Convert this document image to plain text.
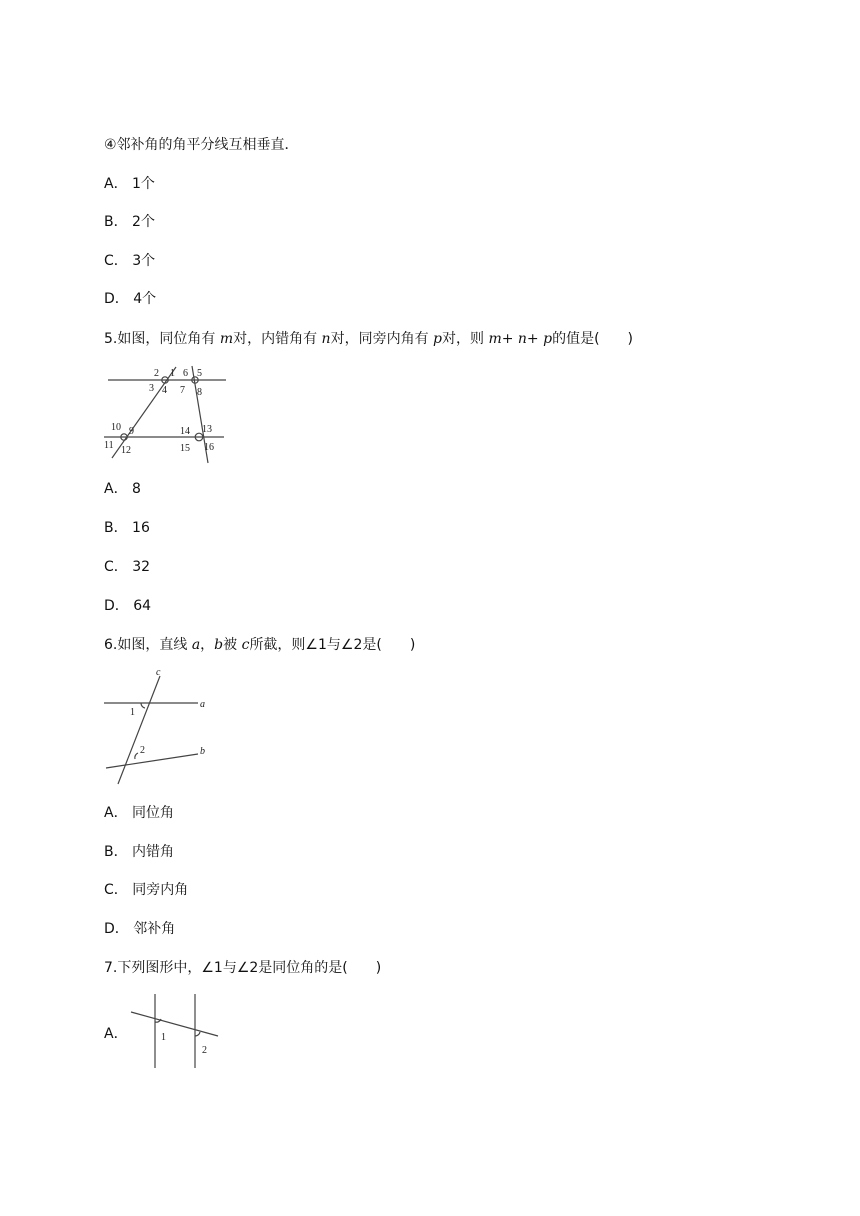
④邻补角的角平分线互相垂直．
A． 1个
B． 2个
C． 3个
D． 4个
5.如图，同位角有 m对，内错角有 n对，同旁内角有 p对，则 m+ n+ p的值是(　　)
2 1 6 5
3 4 7 8
10 9
11 12
14 13
15 16
A． 8
B． 16
C． 32
D． 64
6.如图，直线 a，b被 c所截，则∠1与∠2是(　　)
c
a
b
1
2
A． 同位角
B． 内错角
C． 同旁内角
D． 邻补角
7.下列图形中，∠1与∠2是同位角的是(　　)
A．	1
2
